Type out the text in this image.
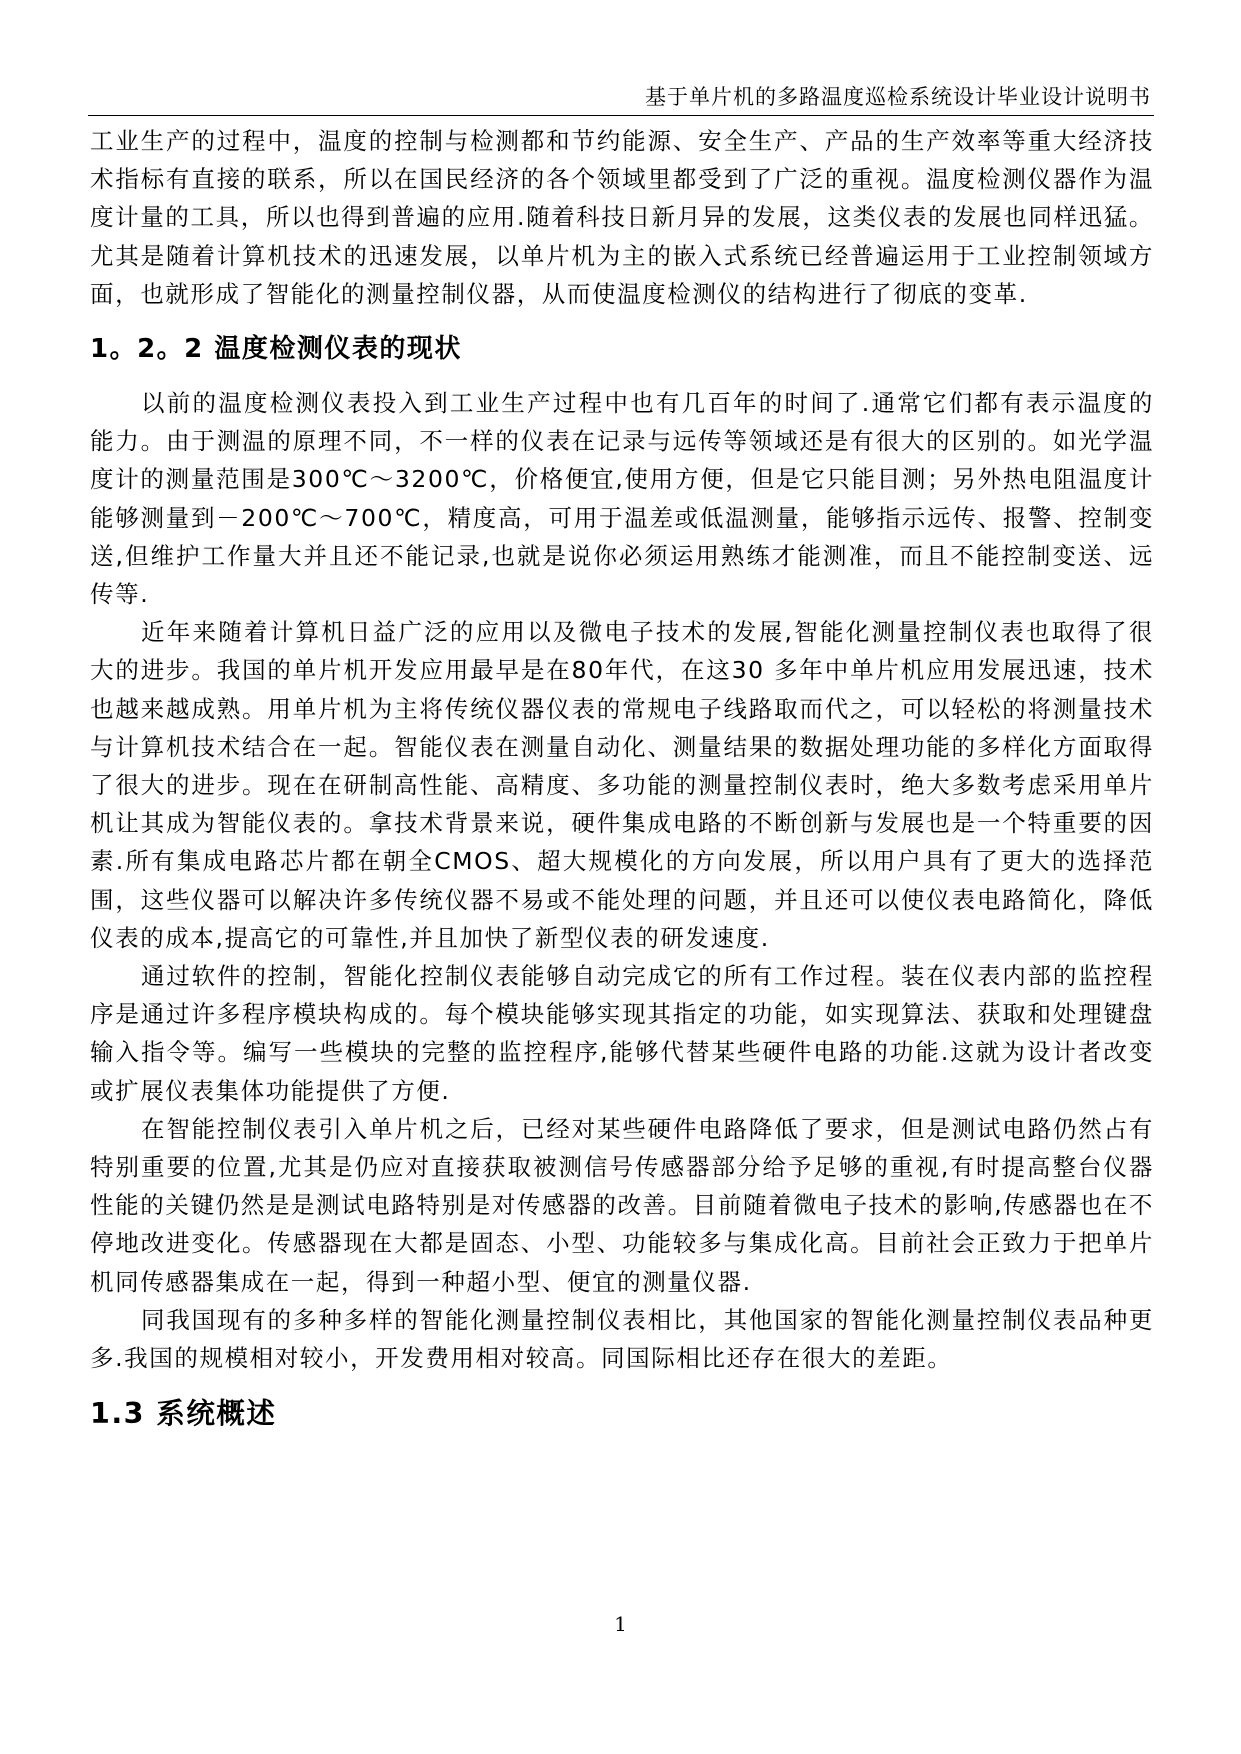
基于单片机的多路温度巡检系统设计毕业设计说明书

工业生产的过程中，温度的控制与检测都和节约能源、安全生产、产品的生产效率等重大经济技术指标有直接的联系，所以在国民经济的各个领域里都受到了广泛的重视。温度检测仪器作为温度计量的工具，所以也得到普遍的应用.随着科技日新月异的发展，这类仪表的发展也同样迅猛。尤其是随着计算机技术的迅速发展，以单片机为主的嵌入式系统已经普遍运用于工业控制领域方面，也就形成了智能化的测量控制仪器，从而使温度检测仪的结构进行了彻底的变革.

1。2。2 温度检测仪表的现状

以前的温度检测仪表投入到工业生产过程中也有几百年的时间了.通常它们都有表示温度的能力。由于测温的原理不同，不一样的仪表在记录与远传等领域还是有很大的区别的。如光学温度计的测量范围是300℃～3200℃，价格便宜,使用方便，但是它只能目测；另外热电阻温度计能够测量到－200℃～700℃，精度高，可用于温差或低温测量，能够指示远传、报警、控制变送,但维护工作量大并且还不能记录,也就是说你必须运用熟练才能测准，而且不能控制变送、远传等.

近年来随着计算机日益广泛的应用以及微电子技术的发展,智能化测量控制仪表也取得了很大的进步。我国的单片机开发应用最早是在80年代，在这30 多年中单片机应用发展迅速，技术也越来越成熟。用单片机为主将传统仪器仪表的常规电子线路取而代之，可以轻松的将测量技术与计算机技术结合在一起。智能仪表在测量自动化、测量结果的数据处理功能的多样化方面取得了很大的进步。现在在研制高性能、高精度、多功能的测量控制仪表时，绝大多数考虑采用单片机让其成为智能仪表的。拿技术背景来说，硬件集成电路的不断创新与发展也是一个特重要的因素.所有集成电路芯片都在朝全CMOS、超大规模化的方向发展，所以用户具有了更大的选择范围，这些仪器可以解决许多传统仪器不易或不能处理的问题，并且还可以使仪表电路简化，降低仪表的成本,提高它的可靠性,并且加快了新型仪表的研发速度.

通过软件的控制，智能化控制仪表能够自动完成它的所有工作过程。装在仪表内部的监控程序是通过许多程序模块构成的。每个模块能够实现其指定的功能，如实现算法、获取和处理键盘输入指令等。编写一些模块的完整的监控程序,能够代替某些硬件电路的功能.这就为设计者改变或扩展仪表集体功能提供了方便.

在智能控制仪表引入单片机之后，已经对某些硬件电路降低了要求，但是测试电路仍然占有特别重要的位置,尤其是仍应对直接获取被测信号传感器部分给予足够的重视,有时提高整台仪器性能的关键仍然是是测试电路特别是对传感器的改善。目前随着微电子技术的影响,传感器也在不停地改进变化。传感器现在大都是固态、小型、功能较多与集成化高。目前社会正致力于把单片机同传感器集成在一起，得到一种超小型、便宜的测量仪器.

同我国现有的多种多样的智能化测量控制仪表相比，其他国家的智能化测量控制仪表品种更多.我国的规模相对较小，开发费用相对较高。同国际相比还存在很大的差距。

1.3 系统概述
1
